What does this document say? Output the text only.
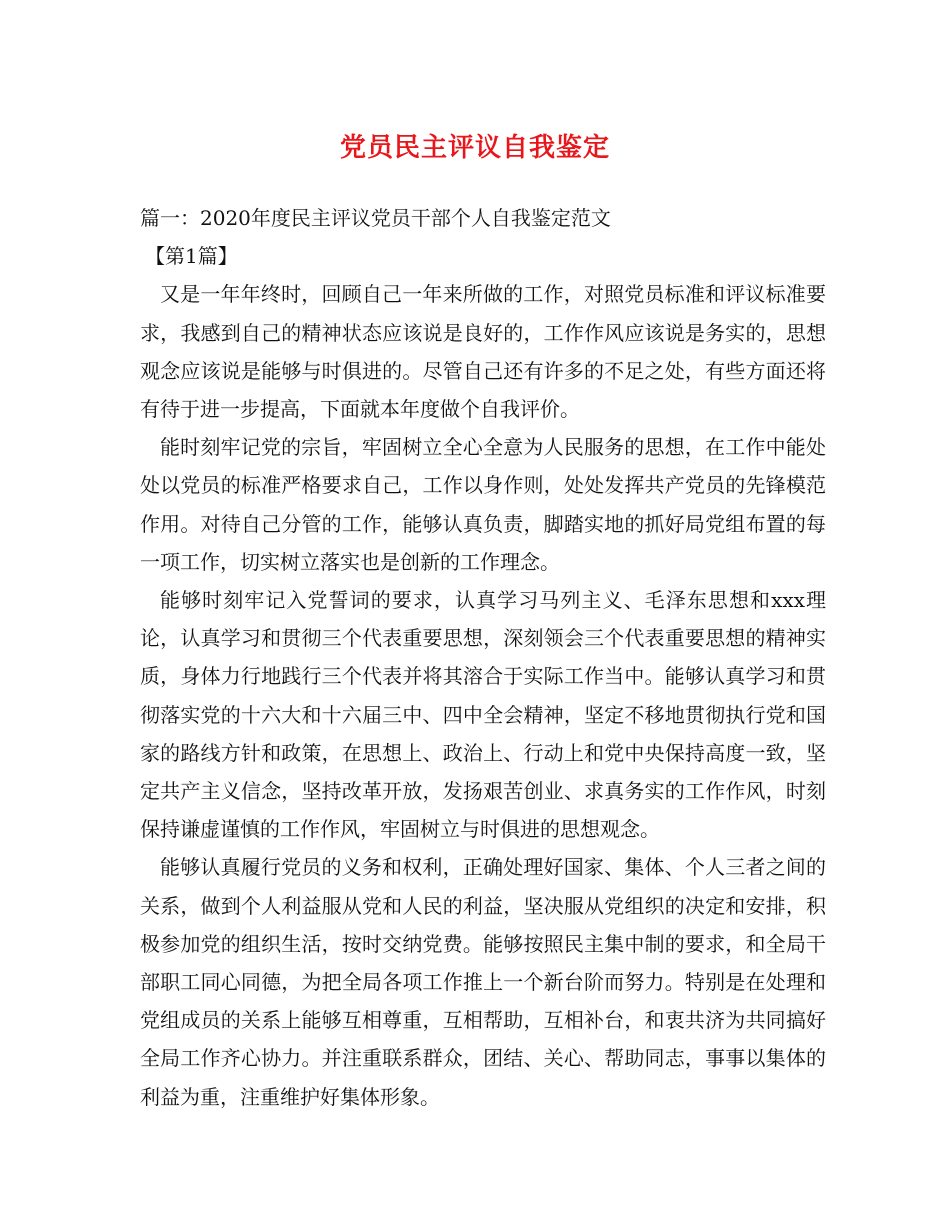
党员民主评议自我鉴定

篇一：2020年度民主评议党员干部个人自我鉴定范文

【第1篇】

又是一年年终时，回顾自己一年来所做的工作，对照党员标准和评议标准要求，我感到自己的精神状态应该说是良好的，工作作风应该说是务实的，思想观念应该说是能够与时俱进的。尽管自己还有许多的不足之处，有些方面还将有待于进一步提高，下面就本年度做个自我评价。

能时刻牢记党的宗旨，牢固树立全心全意为人民服务的思想，在工作中能处处以党员的标准严格要求自己，工作以身作则，处处发挥共产党员的先锋模范作用。对待自己分管的工作，能够认真负责，脚踏实地的抓好局党组布置的每一项工作，切实树立落实也是创新的工作理念。

能够时刻牢记入党誓词的要求，认真学习马列主义、毛泽东思想和xxx理论，认真学习和贯彻三个代表重要思想，深刻领会三个代表重要思想的精神实质，身体力行地践行三个代表并将其溶合于实际工作当中。能够认真学习和贯彻落实党的十六大和十六届三中、四中全会精神，坚定不移地贯彻执行党和国家的路线方针和政策，在思想上、政治上、行动上和党中央保持高度一致，坚定共产主义信念，坚持改革开放，发扬艰苦创业、求真务实的工作作风，时刻保持谦虚谨慎的工作作风，牢固树立与时俱进的思想观念。

能够认真履行党员的义务和权利，正确处理好国家、集体、个人三者之间的关系，做到个人利益服从党和人民的利益，坚决服从党组织的决定和安排，积极参加党的组织生活，按时交纳党费。能够按照民主集中制的要求，和全局干部职工同心同德，为把全局各项工作推上一个新台阶而努力。特别是在处理和党组成员的关系上能够互相尊重，互相帮助，互相补台，和衷共济为共同搞好全局工作齐心协力。并注重联系群众，团结、关心、帮助同志，事事以集体的利益为重，注重维护好集体形象。
